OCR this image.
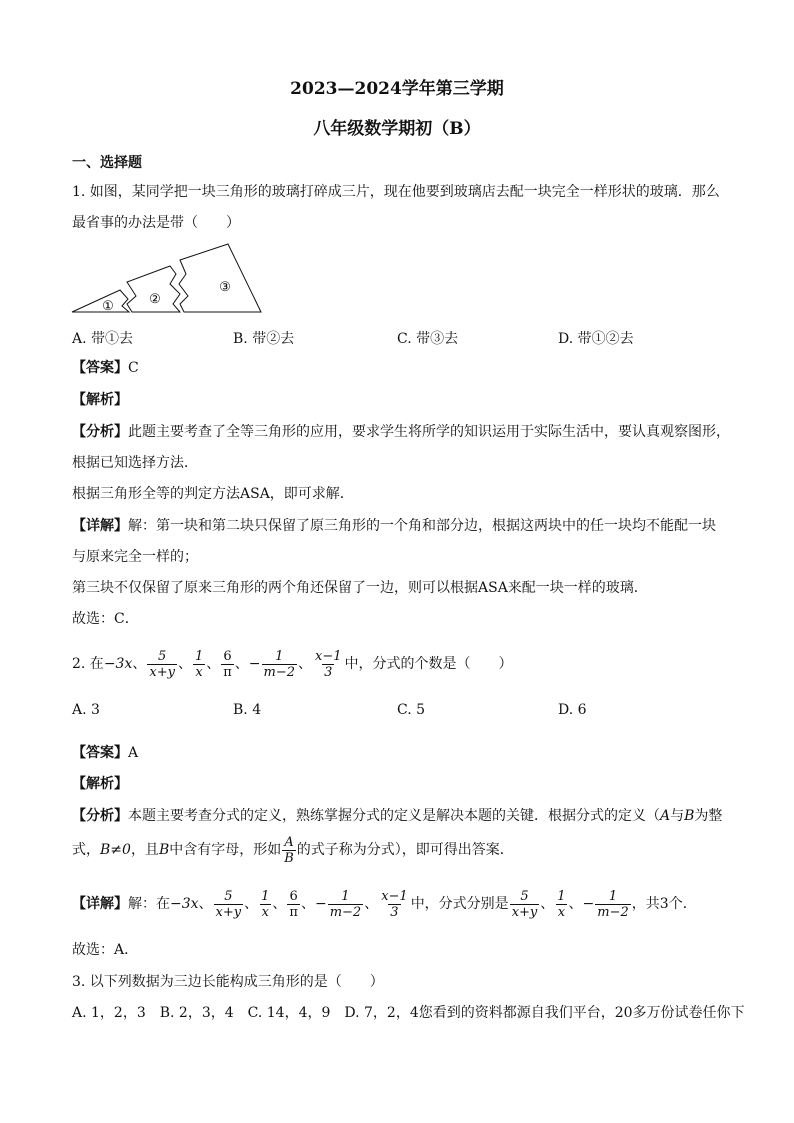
2023—2024学年第三学期
八年级数学期初（B）
一、选择题
1. 如图，某同学把一块三角形的玻璃打碎成三片，现在他要到玻璃店去配一块完全一样形状的玻璃．那么
最省事的办法是带（　　）
①	②
③
A. 带①去	B. 带②去	C. 带③去	D. 带①②去
【答案】C
【解析】
【分析】此题主要考查了全等三角形的应用，要求学生将所学的知识运用于实际生活中，要认真观察图形，
根据已知选择方法．
根据三角形全等的判定方法ASA，即可求解．
【详解】解：第一块和第二块只保留了原三角形的一个角和部分边，根据这两块中的任一块均不能配一块
与原来完全一样的；
第三块不仅保留了原来三角形的两个角还保留了一边，则可以根据ASA来配一块一样的玻璃．
故选：C．
2. 在 −3x 、 $\frac{5}{x+y}$ 、 $\frac{1}{x}$ 、 $\frac{6}{\pi}$ 、 − $\frac{1}{m-2}$ 、 $\frac{x-1}{3}$ 中，分式的个数是（　　）
A. 3	B. 4	C. 5	D. 6
【答案】A
【解析】
【分析】本题主要考查分式的定义，熟练掌握分式的定义是解决本题的关键．根据分式的定义（A与B为整
式， B≠0 ，且 B 中含有字母，形如 $\frac{A}{B}$ 的式子称为分式），即可得出答案．
【详解】 解：在 −3x 、 $\frac{5}{x+y}$ 、 $\frac{1}{x}$ 、 $\frac{6}{\pi}$ 、 − $\frac{1}{m-2}$ 、 $\frac{x-1}{3}$ 中，分式分别是 $\frac{5}{x+y}$ 、 $\frac{1}{x}$ 、 − $\frac{1}{m-2}$ ，共 3 个．
故选：A．
3. 以下列数据为三边长能构成三角形的是（　　）
A. 1，2，3　B. 2，3，4　C. 14，4，9　D. 7，2，4您看到的资料都源自我们平台，20多万份试卷任你下
